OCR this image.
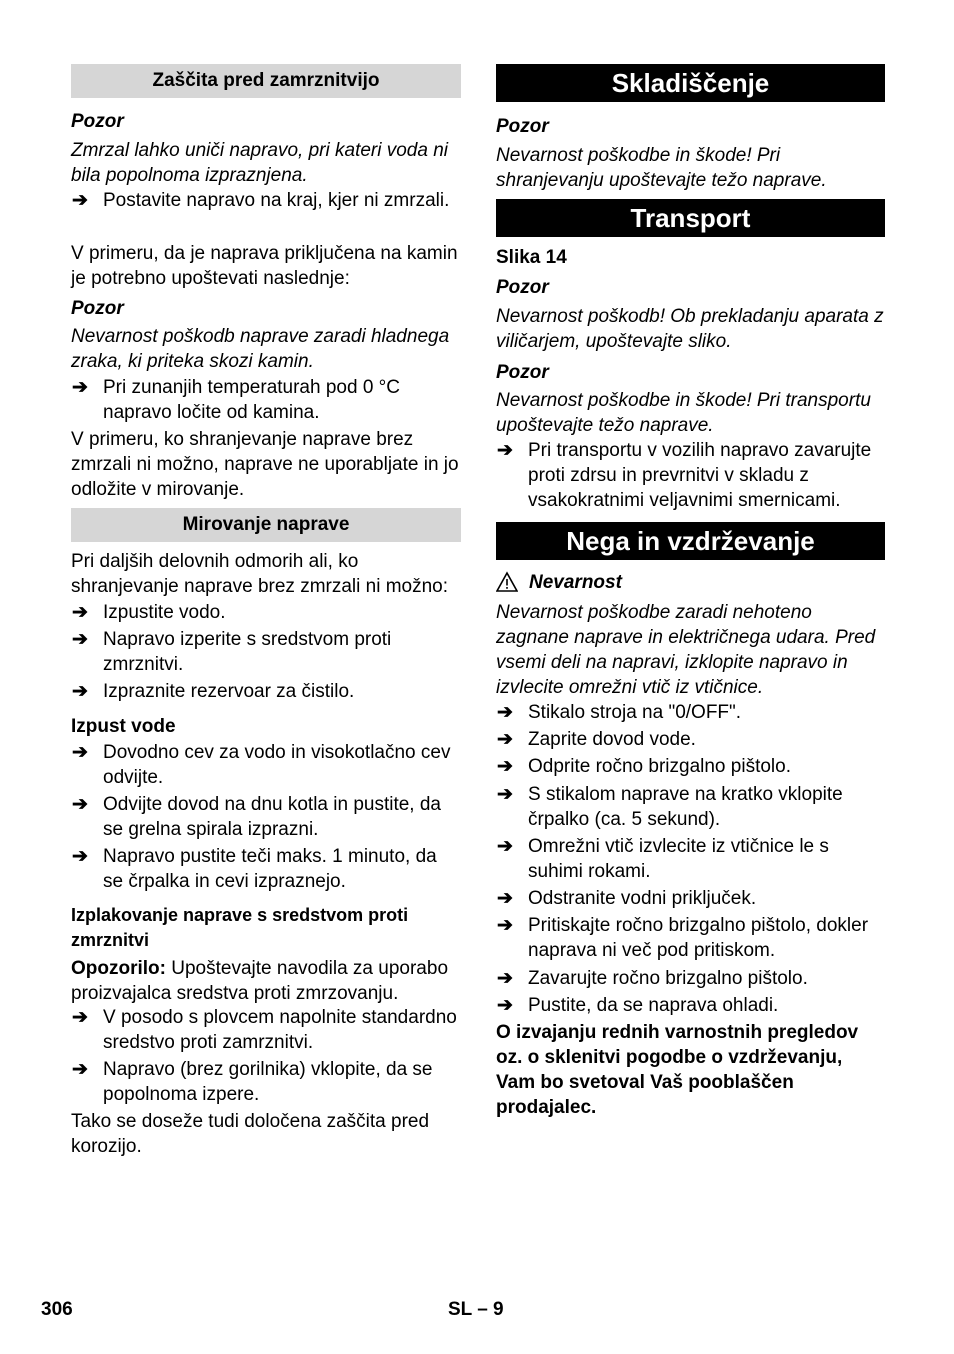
Zaščita pred zamrznitvijo

Pozor

Zmrzal lahko uniči napravo, pri kateri voda ni bila popolnoma izpraznjena.

➔ Postavite napravo na kraj, kjer ni zmrzali.

V primeru, da je naprava priključena na kamin je potrebno upoštevati naslednje:

Pozor

Nevarnost poškodb naprave zaradi hladnega zraka, ki priteka skozi kamin.

➔ Pri zunanjih temperaturah pod 0 °C napravo ločite od kamina.

V primeru, ko shranjevanje naprave brez zmrzali ni možno, naprave ne uporabljate in jo odložite v mirovanje.

Mirovanje naprave

Pri daljših delovnih odmorih ali, ko shranjevanje naprave brez zmrzali ni možno:

➔ Izpustite vodo.
➔ Napravo izperite s sredstvom proti zmrznitvi.
➔ Izpraznite rezervoar za čistilo.

Izpust vode

➔ Dovodno cev za vodo in visokotlačno cev odvijte.
➔ Odvijte dovod na dnu kotla in pustite, da se grelna spirala izprazni.
➔ Napravo pustite teči maks. 1 minuto, da se črpalka in cevi izpraznejo.

Izplakovanje naprave s sredstvom proti zmrznitvi

Opozorilo: Upoštevajte navodila za uporabo proizvajalca sredstva proti zmrzovanju.

➔ V posodo s plovcem napolnite standardno sredstvo proti zamrznitvi.
➔ Napravo (brez gorilnika) vklopite, da se popolnoma izpere.

Tako se doseže tudi določena zaščita pred korozijo.

Skladiščenje

Pozor

Nevarnost poškodbe in škode! Pri shranjevanju upoštevajte težo naprave.

Transport

Slika 14

Pozor

Nevarnost poškodb! Ob prekladanju aparata z viličarjem, upoštevajte sliko.

Pozor

Nevarnost poškodbe in škode! Pri transportu upoštevajte težo naprave.

➔ Pri transportu v vozilih napravo zavarujte proti zdrsu in prevrnitvi v skladu z vsakokratnimi veljavnimi smernicami.
Nega in vzdrževanje
Nevarnost

Nevarnost poškodbe zaradi nehoteno zagnane naprave in električnega udara. Pred vsemi deli na napravi, izklopite napravo in izvlecite omrežni vtič iz vtičnice.

➔ Stikalo stroja na "0/OFF".
➔ Zaprite dovod vode.
➔ Odprite ročno brizgalno pištolo.
➔ S stikalom naprave na kratko vklopite črpalko (ca. 5 sekund).
➔ Omrežni vtič izvlecite iz vtičnice le s suhimi rokami.
➔ Odstranite vodni priključek.
➔ Pritiskajte ročno brizgalno pištolo, dokler naprava ni več pod pritiskom.
➔ Zavarujte ročno brizgalno pištolo.
➔ Pustite, da se naprava ohladi.

O izvajanju rednih varnostnih pregledov oz. o sklenitvi pogodbe o vzdrževanju, Vam bo svetoval Vaš pooblaščen prodajalec.

306	SL – 9
